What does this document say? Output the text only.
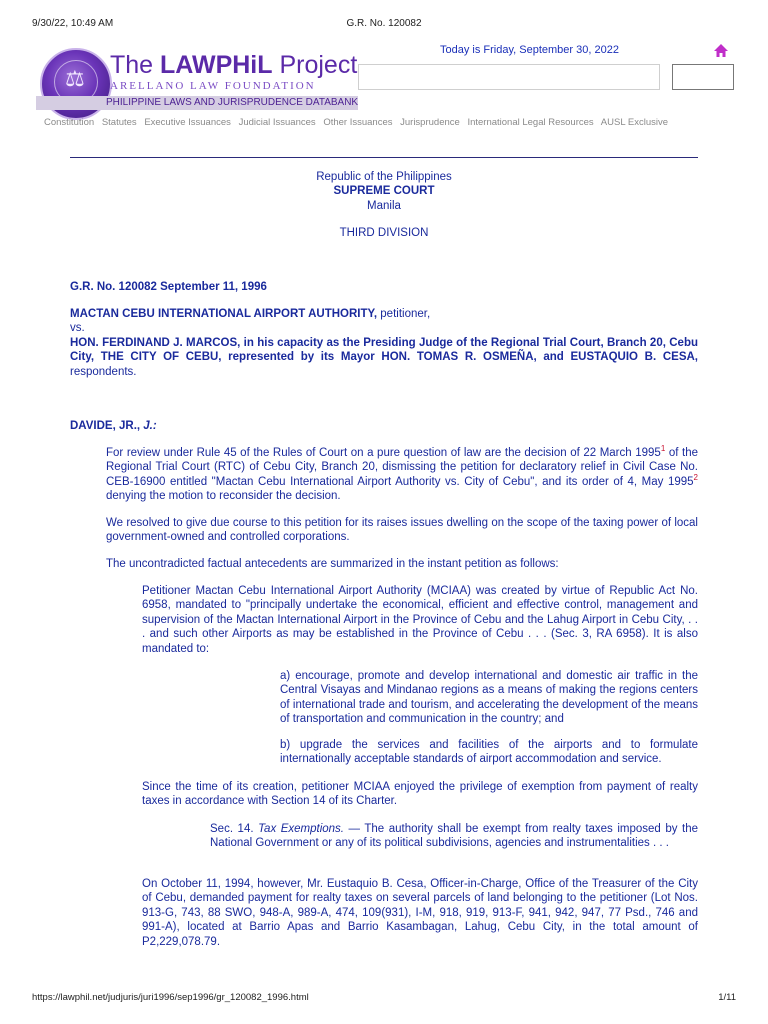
9/30/22, 10:49 AM	G.R. No. 120082
⚖ The LAWPHiL Project
ARELLANO LAW FOUNDATION
PHILIPPINE LAWS AND JURISPRUDENCE DATABANK
Today is Friday, September 30, 2022
Constitution Statutes Executive Issuances Judicial Issuances Other Issuances Jurisprudence International Legal Resources AUSL Exclusive
Republic of the Philippines
SUPREME COURT
Manila
THIRD DIVISION
G.R. No. 120082 September 11, 1996
MACTAN CEBU INTERNATIONAL AIRPORT AUTHORITY, petitioner,
vs.
HON. FERDINAND J. MARCOS, in his capacity as the Presiding Judge of the Regional Trial Court, Branch 20, Cebu City, THE CITY OF CEBU, represented by its Mayor HON. TOMAS R. OSMEÑA, and EUSTAQUIO B. CESA, respondents.
DAVIDE, JR., J.:
For review under Rule 45 of the Rules of Court on a pure question of law are the decision of 22 March 1995$^1$ of the Regional Trial Court (RTC) of Cebu City, Branch 20, dismissing the petition for declaratory relief in Civil Case No. CEB-16900 entitled "Mactan Cebu International Airport Authority vs. City of Cebu", and its order of 4, May 1995$^2$ denying the motion to reconsider the decision.
We resolved to give due course to this petition for its raises issues dwelling on the scope of the taxing power of local government-owned and controlled corporations.
The uncontradicted factual antecedents are summarized in the instant petition as follows:
Petitioner Mactan Cebu International Airport Authority (MCIAA) was created by virtue of Republic Act No. 6958, mandated to "principally undertake the economical, efficient and effective control, management and supervision of the Mactan International Airport in the Province of Cebu and the Lahug Airport in Cebu City, . . . and such other Airports as may be established in the Province of Cebu . . . (Sec. 3, RA 6958). It is also mandated to:
a) encourage, promote and develop international and domestic air traffic in the Central Visayas and Mindanao regions as a means of making the regions centers of international trade and tourism, and accelerating the development of the means of transportation and communication in the country; and
b) upgrade the services and facilities of the airports and to formulate internationally acceptable standards of airport accommodation and service.
Since the time of its creation, petitioner MCIAA enjoyed the privilege of exemption from payment of realty taxes in accordance with Section 14 of its Charter.
Sec. 14. Tax Exemptions. — The authority shall be exempt from realty taxes imposed by the National Government or any of its political subdivisions, agencies and instrumentalities . . .
On October 11, 1994, however, Mr. Eustaquio B. Cesa, Officer-in-Charge, Office of the Treasurer of the City of Cebu, demanded payment for realty taxes on several parcels of land belonging to the petitioner (Lot Nos. 913-G, 743, 88 SWO, 948-A, 989-A, 474, 109(931), I-M, 918, 919, 913-F, 941, 942, 947, 77 Psd., 746 and 991-A), located at Barrio Apas and Barrio Kasambagan, Lahug, Cebu City, in the total amount of P2,229,078.79.
https://lawphil.net/judjuris/juri1996/sep1996/gr_120082_1996.html	1/11
